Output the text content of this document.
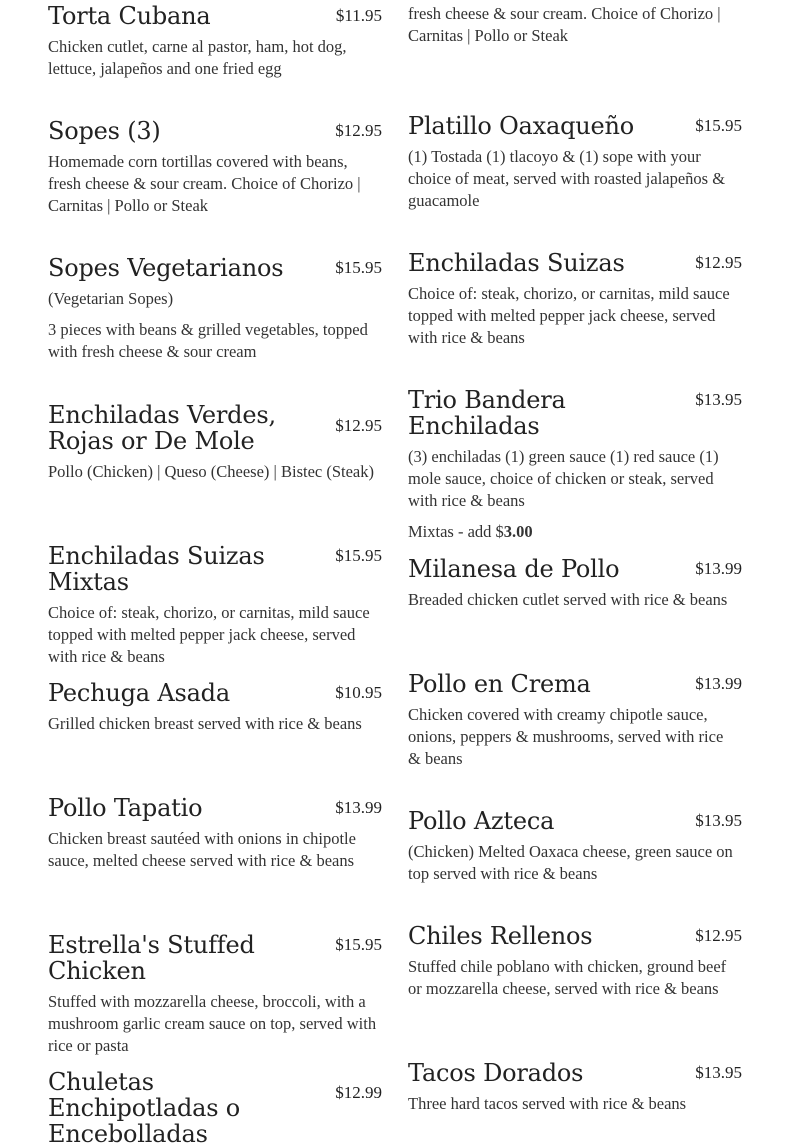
Torta Cubana	$11.95
Chicken cutlet, carne al pastor, ham, hot dog, lettuce, jalapeños and one fried egg
Sopes (3)	$12.95
Homemade corn tortillas covered with beans, fresh cheese & sour cream. Choice of Chorizo | Carnitas | Pollo or Steak
Sopes Vegetarianos	$15.95
(Vegetarian Sopes)
3 pieces with beans & grilled vegetables, topped with fresh cheese & sour cream
Enchiladas Verdes, Rojas or De Mole
$12.95
Pollo (Chicken) | Queso (Cheese) | Bistec (Steak)
Enchiladas Suizas Mixtas
$15.95
Choice of: steak, chorizo, or carnitas, mild sauce topped with melted pepper jack cheese, served with rice & beans
Pechuga Asada	$10.95
Grilled chicken breast served with rice & beans
Pollo Tapatio	$13.99
Chicken breast sautéed with onions in chipotle sauce, melted cheese served with rice & beans
Estrella's Stuffed Chicken
$15.95
Stuffed with mozzarella cheese, broccoli, with a mushroom garlic cream sauce on top, served with rice or pasta
Chuletas Enchipotladas o Encebolladas
$12.99
fresh cheese & sour cream. Choice of Chorizo | Carnitas | Pollo or Steak
Platillo Oaxaqueño	$15.95
(1) Tostada (1) tlacoyo & (1) sope with your choice of meat, served with roasted jalapeños & guacamole
Enchiladas Suizas	$12.95
Choice of: steak, chorizo, or carnitas, mild sauce topped with melted pepper jack cheese, served with rice & beans
Trio Bandera Enchiladas
$13.95
(3) enchiladas (1) green sauce (1) red sauce (1) mole sauce, choice of chicken or steak, served with rice & beans
Mixtas - add $3.00
Milanesa de Pollo	$13.99
Breaded chicken cutlet served with rice & beans
Pollo en Crema	$13.99
Chicken covered with creamy chipotle sauce, onions, peppers & mushrooms, served with rice & beans
Pollo Azteca	$13.95
(Chicken) Melted Oaxaca cheese, green sauce on top served with rice & beans
Chiles Rellenos	$12.95
Stuffed chile poblano with chicken, ground beef or mozzarella cheese, served with rice & beans
Tacos Dorados	$13.95
Three hard tacos served with rice & beans
